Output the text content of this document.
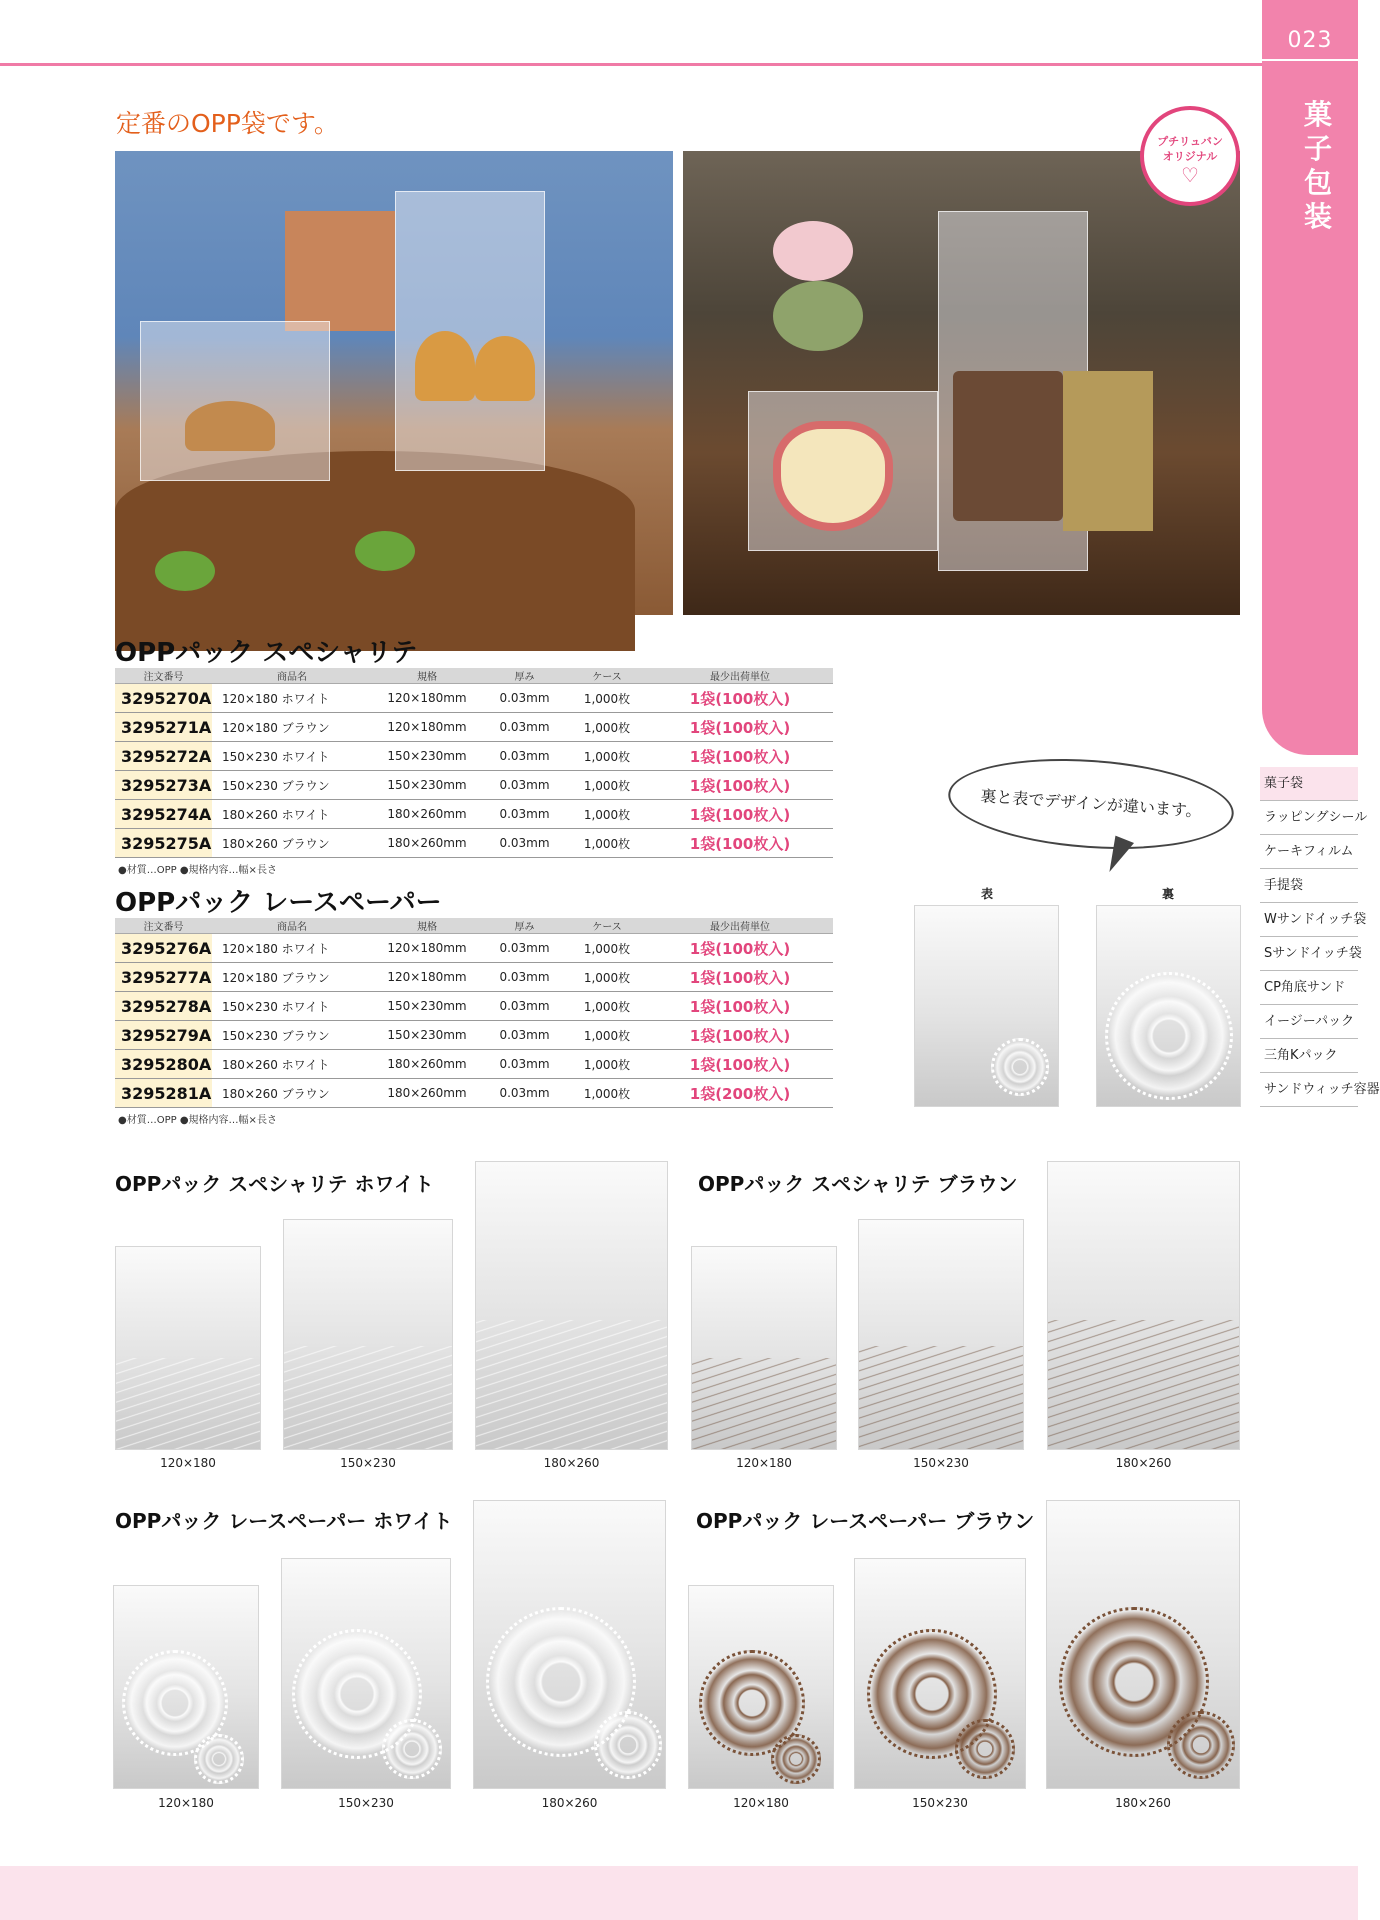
023
菓子包装
菓子袋
ラッピングシール
ケーキフィルム
手提袋
Wサンドイッチ袋
Sサンドイッチ袋
CP角底サンド
イージーパック
三角Kパック
サンドウィッチ容器
定番のOPP袋です。
プチリュバン
オリジナル
♡
OPPパック スペシャリテ
注文番号	商品名	規格	厚み	ケース	最少出荷単位
3295270A	120×180 ホワイト	120×180mm	0.03mm	1,000枚	1袋(100枚入)
3295271A	120×180 ブラウン	120×180mm	0.03mm	1,000枚	1袋(100枚入)
3295272A	150×230 ホワイト	150×230mm	0.03mm	1,000枚	1袋(100枚入)
3295273A	150×230 ブラウン	150×230mm	0.03mm	1,000枚	1袋(100枚入)
3295274A	180×260 ホワイト	180×260mm	0.03mm	1,000枚	1袋(100枚入)
3295275A	180×260 ブラウン	180×260mm	0.03mm	1,000枚	1袋(100枚入)
●材質…OPP ●規格内容…幅×長さ
OPPパック レースペーパー
注文番号	商品名	規格	厚み	ケース	最少出荷単位
3295276A	120×180 ホワイト	120×180mm	0.03mm	1,000枚	1袋(100枚入)
3295277A	120×180 ブラウン	120×180mm	0.03mm	1,000枚	1袋(100枚入)
3295278A	150×230 ホワイト	150×230mm	0.03mm	1,000枚	1袋(100枚入)
3295279A	150×230 ブラウン	150×230mm	0.03mm	1,000枚	1袋(100枚入)
3295280A	180×260 ホワイト	180×260mm	0.03mm	1,000枚	1袋(100枚入)
3295281A	180×260 ブラウン	180×260mm	0.03mm	1,000枚	1袋(200枚入)
●材質…OPP ●規格内容…幅×長さ
裏と表でデザインが違います。
表	裏
OPPパック スペシャリテ ホワイト
120×180	150×230	180×260
OPPパック スペシャリテ ブラウン
120×180	150×230	180×260
OPPパック レースペーパー ホワイト
120×180	150×230	180×260
OPPパック レースペーパー ブラウン
120×180	150×230	180×260
